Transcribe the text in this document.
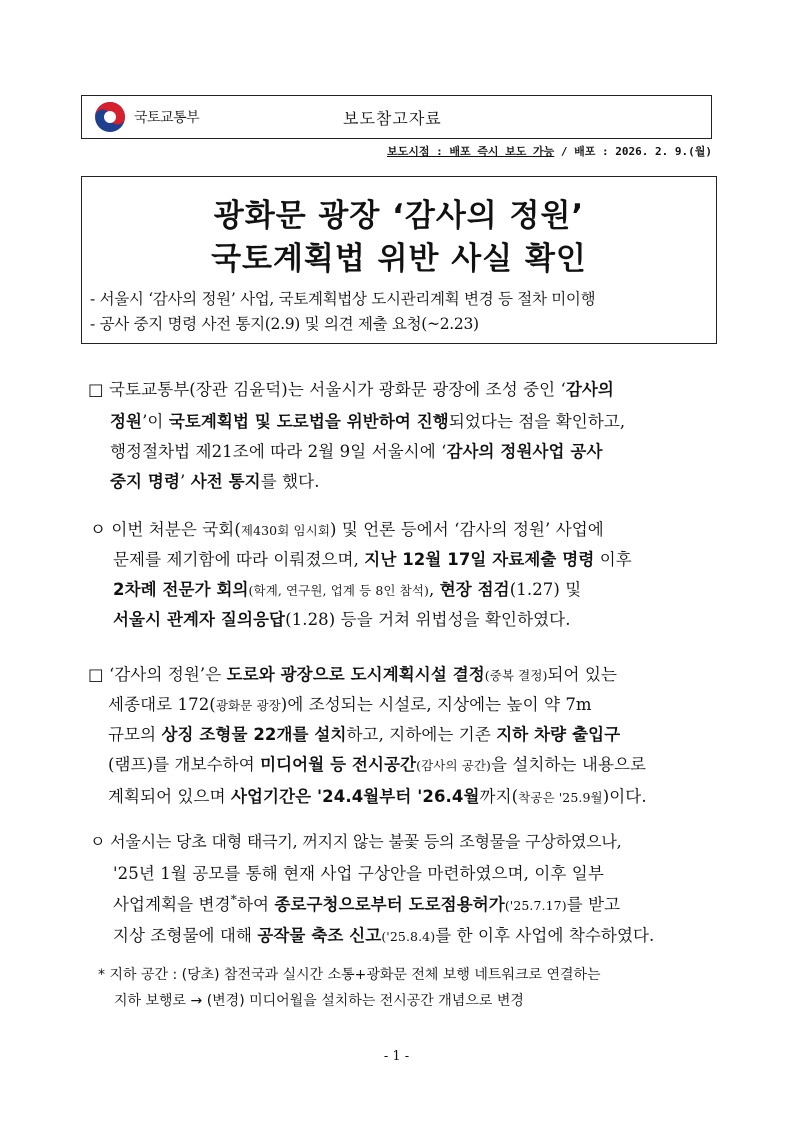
국토교통부	보도참고자료
보도시점 : 배포 즉시 보도 가능 / 배포 : 2026. 2. 9.(월)
광화문 광장 ‘감사의 정원’
국토계획법 위반 사실 확인
- 서울시 ‘감사의 정원’ 사업, 국토계획법상 도시관리계획 변경 등 절차 미이행
- 공사 중지 명령 사전 통지(2.9) 및 의견 제출 요청(~2.23)
□ 국토교통부(장관 김윤덕)는 서울시가 광화문 광장에 조성 중인 ‘감사의
정원’이 국토계획법 및 도로법을 위반하여 진행되었다는 점을 확인하고,
행정절차법 제21조에 따라 2월 9일 서울시에 ‘감사의 정원사업 공사
중지 명령’ 사전 통지를 했다.
ㅇ 이번 처분은 국회(제430회 임시회) 및 언론 등에서 ‘감사의 정원’ 사업에
문제를 제기함에 따라 이뤄졌으며, 지난 12월 17일 자료제출 명령 이후
2차례 전문가 회의(학계, 연구원, 업계 등 8인 참석), 현장 점검(1.27) 및
서울시 관계자 질의응답(1.28) 등을 거쳐 위법성을 확인하였다.
□ ‘감사의 정원’은 도로와 광장으로 도시계획시설 결정(중복 결정)되어 있는
세종대로 172(광화문 광장)에 조성되는 시설로, 지상에는 높이 약 7m
규모의 상징 조형물 22개를 설치하고, 지하에는 기존 지하 차량 출입구
(램프)를 개보수하여 미디어월 등 전시공간(감사의 공간)을 설치하는 내용으로
계획되어 있으며 사업기간은 '24.4월부터 '26.4월까지(착공은 '25.9월)이다.
ㅇ 서울시는 당초 대형 태극기, 꺼지지 않는 불꽃 등의 조형물을 구상하였으나,
'25년 1월 공모를 통해 현재 사업 구상안을 마련하였으며, 이후 일부
사업계획을 변경*하여 종로구청으로부터 도로점용허가('25.7.17)를 받고
지상 조형물에 대해 공작물 축조 신고('25.8.4)를 한 이후 사업에 착수하였다.
* 지하 공간 : (당초) 참전국과 실시간 소통+광화문 전체 보행 네트워크로 연결하는
지하 보행로 → (변경) 미디어월을 설치하는 전시공간 개념으로 변경
- 1 -
